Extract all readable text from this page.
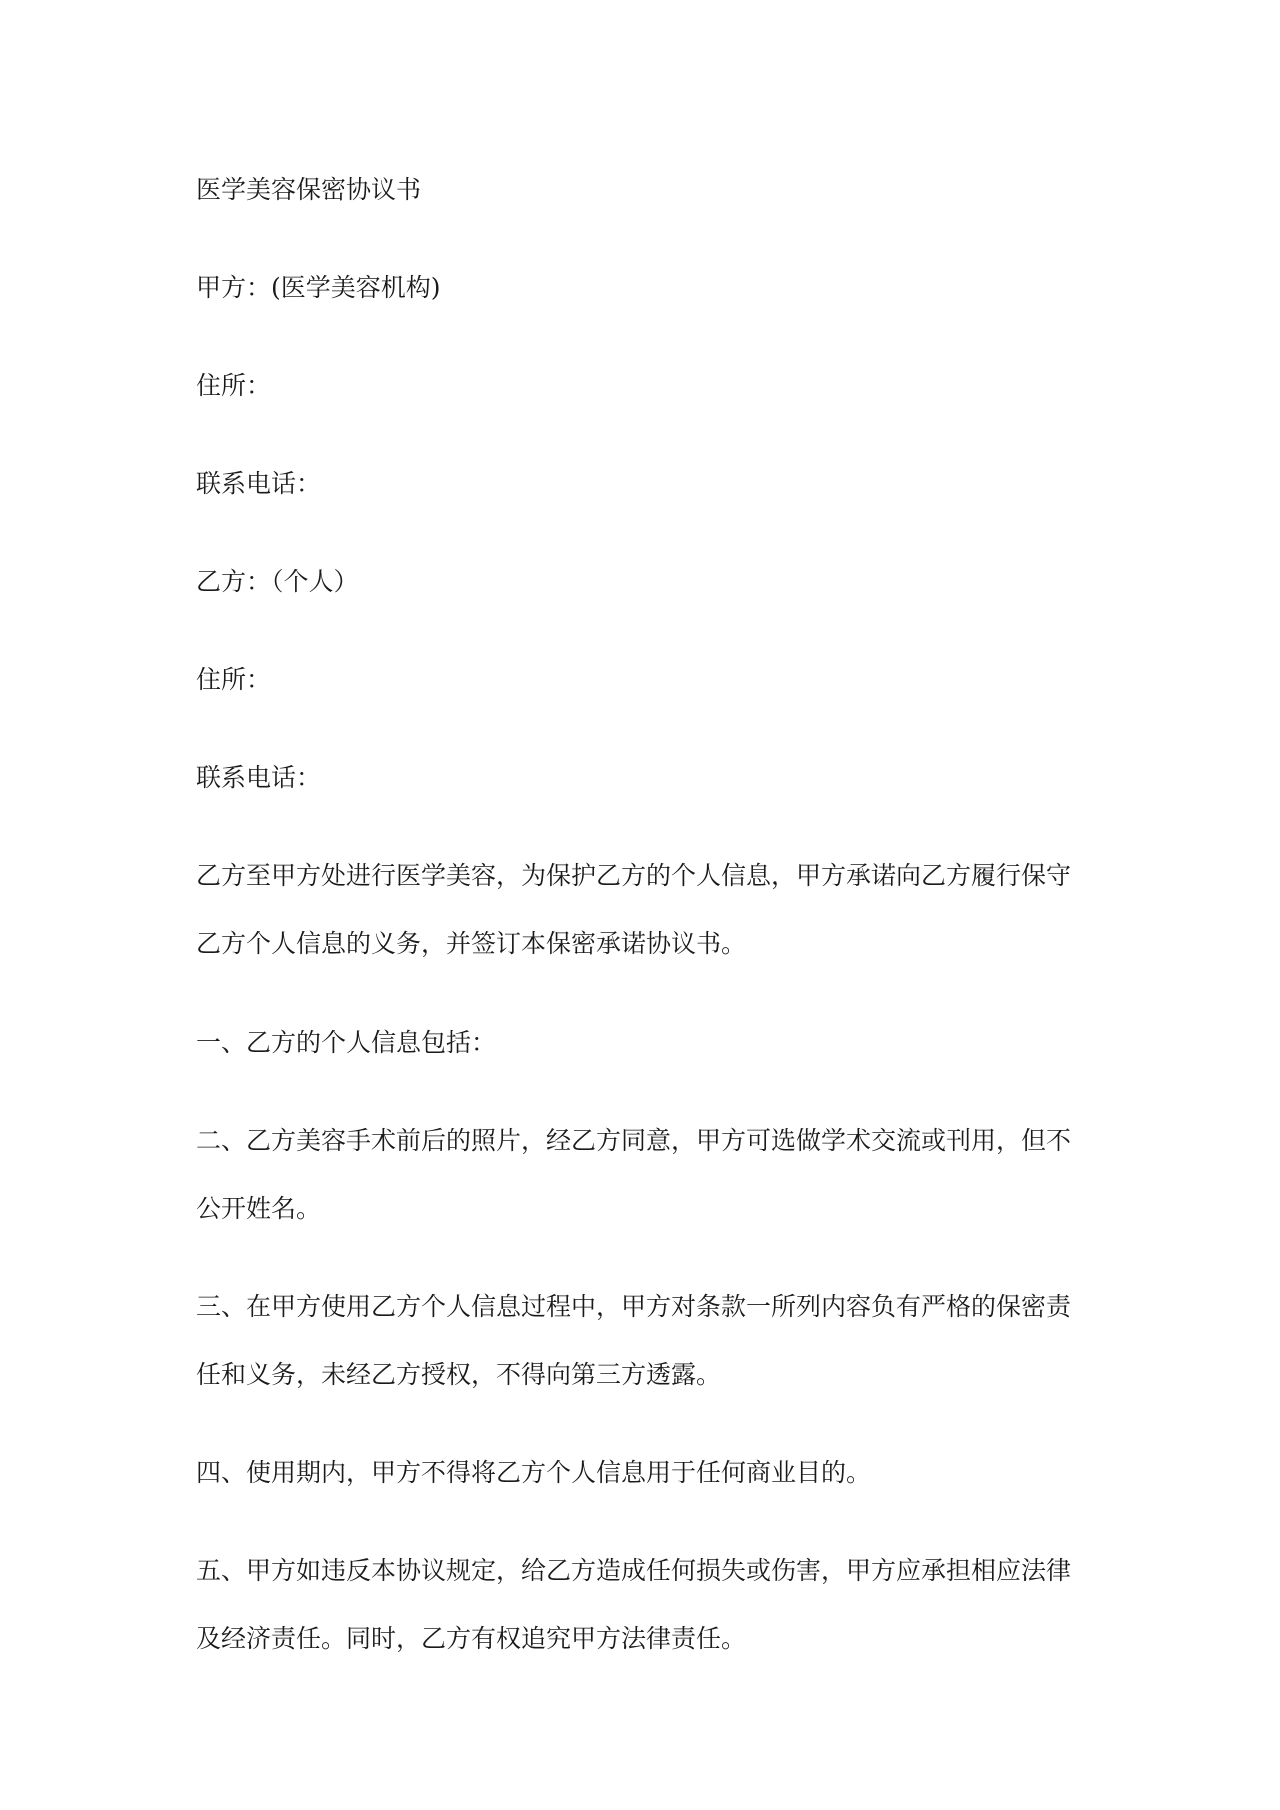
医学美容保密协议书

甲方：(医学美容机构)

住所：

联系电话：

乙方：（个人）

住所：

联系电话：

乙方至甲方处进行医学美容，为保护乙方的个人信息，甲方承诺向乙方履行保守

乙方个人信息的义务，并签订本保密承诺协议书。

一、乙方的个人信息包括：

二、乙方美容手术前后的照片，经乙方同意，甲方可选做学术交流或刊用，但不

公开姓名。

三、在甲方使用乙方个人信息过程中，甲方对条款一所列内容负有严格的保密责

任和义务，未经乙方授权，不得向第三方透露。

四、使用期内，甲方不得将乙方个人信息用于任何商业目的。

五、甲方如违反本协议规定，给乙方造成任何损失或伤害，甲方应承担相应法律

及经济责任。同时，乙方有权追究甲方法律责任。
